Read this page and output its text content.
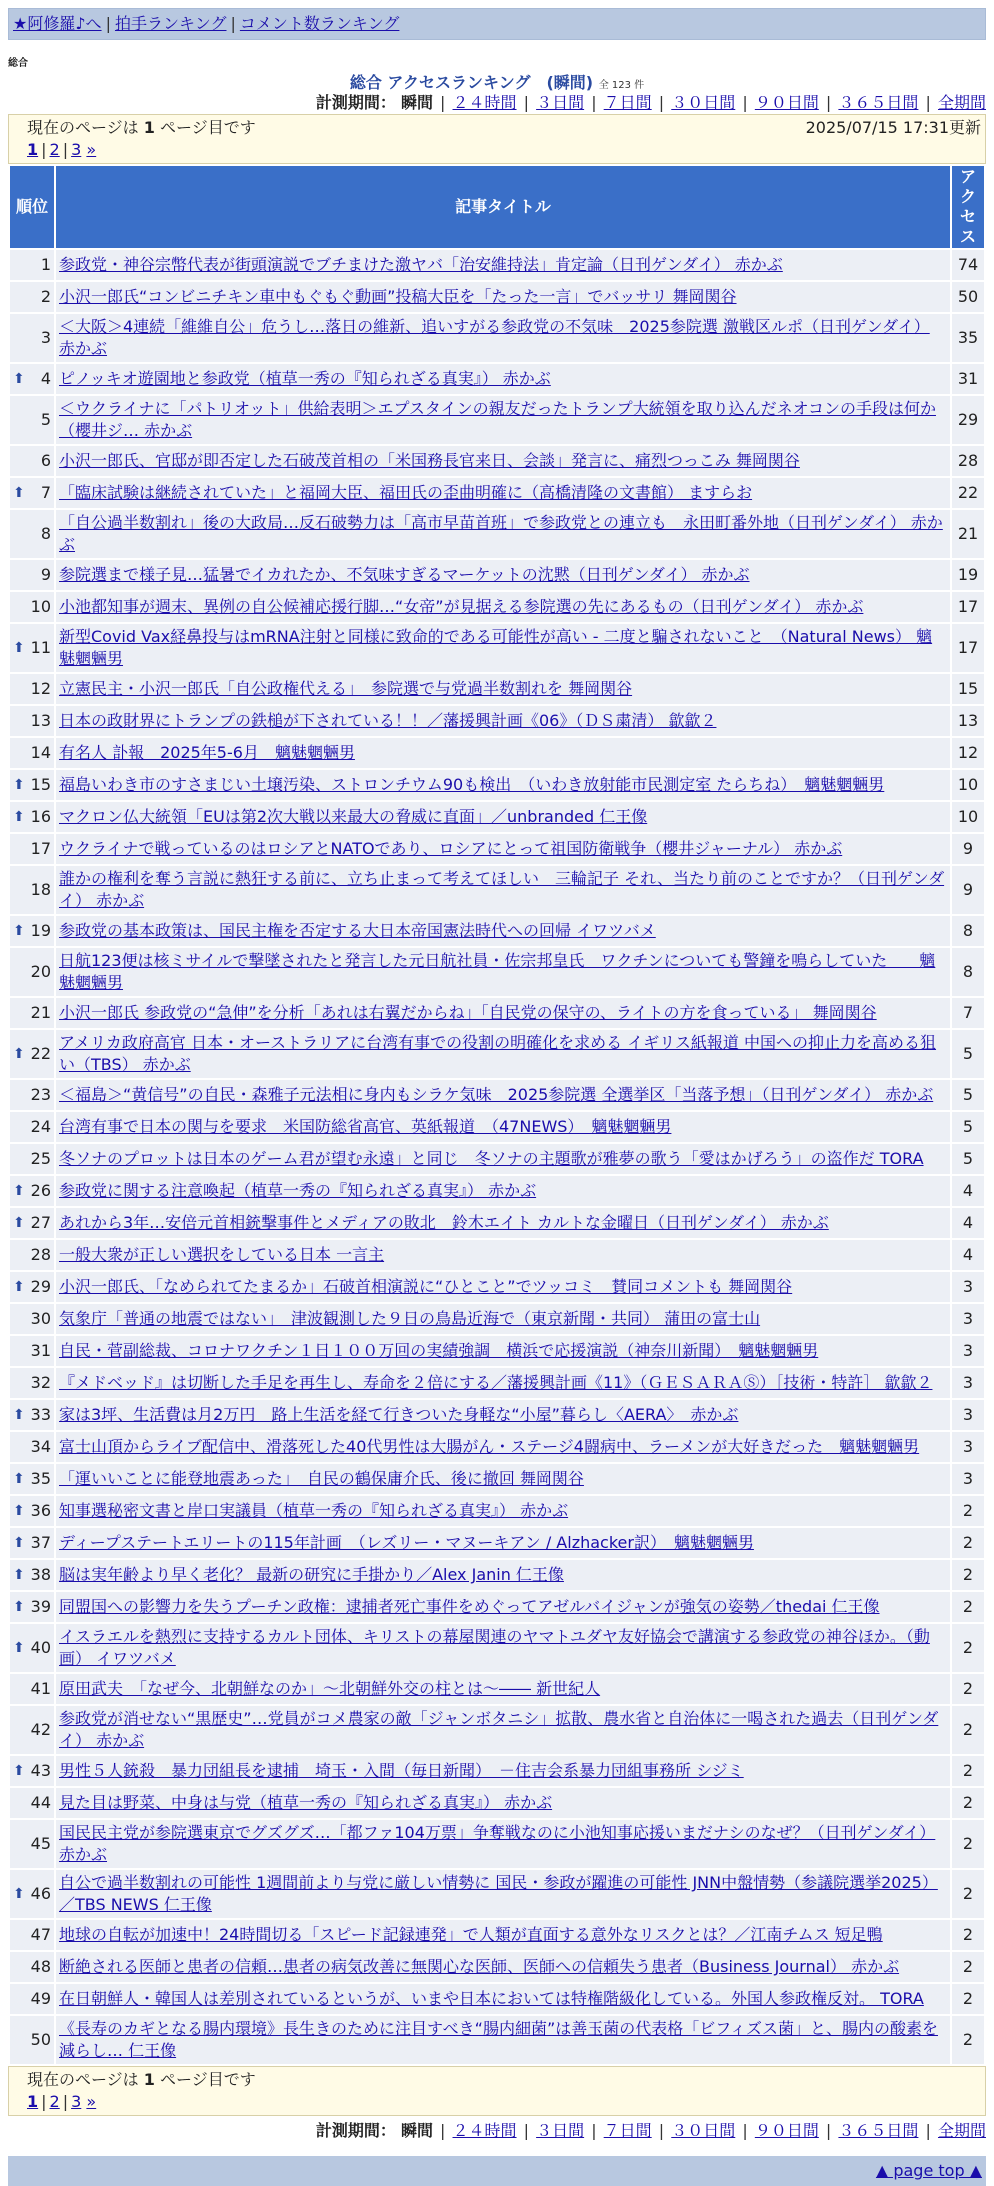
★阿修羅♪へ | 拍手ランキング | コメント数ランキング
総合
総合 アクセスランキング　(瞬間) 全 123 件
計測期間： 瞬間 | ２４時間 | ３日間 | ７日間 | ３０日間 | ９０日間 | ３６５日間 | 全期間
現在のページは 1 ページ目です
1 | 2 | 3 »
2025/07/15 17:31更新
順位	記事タイトル	アクセス
1	参政党・神谷宗幣代表が街頭演説でブチまけた激ヤバ「治安維持法」肯定論（日刊ゲンダイ） 赤かぶ	74
2	小沢一郎氏“コンビニチキン車中もぐもぐ動画”投稿大臣を「たった一言」でバッサリ 舞岡関谷	50
3	＜大阪＞4連続「維維自公」危うし…落日の維新、追いすがる参政党の不気味　2025参院選 激戦区ルポ（日刊ゲンダイ） 赤かぶ	35

⬆ 4	ピノッキオ遊園地と参政党（植草一秀の『知られざる真実』） 赤かぶ	31
5	＜ウクライナに「パトリオット」供給表明＞エプスタインの親友だったトランプ大統領を取り込んだネオコンの手段は何か（櫻井ジ… 赤かぶ	29
6	小沢一郎氏、官邸が即否定した石破茂首相の「米国務長官来日、会談」発言に、痛烈つっこみ 舞岡関谷	28

⬆ 7	「臨床試験は継続されていた」と福岡大臣、福田氏の歪曲明確に（高橋清隆の文書館） ますらお	22
8	「自公過半数割れ」後の大政局…反石破勢力は「高市早苗首班」で参政党との連立も　永田町番外地（日刊ゲンダイ） 赤かぶ	21
9	参院選まで様子見…猛暑でイカれたか、不気味すぎるマーケットの沈黙（日刊ゲンダイ） 赤かぶ	19
10	小池都知事が週末、異例の自公候補応援行脚…“女帝”が見据える参院選の先にあるもの（日刊ゲンダイ） 赤かぶ	17

⬆ 11	新型Covid Vax経鼻投与はmRNA注射と同様に致命的である可能性が高い - 二度と騙されないこと　（Natural News） 魑魅魍魎男	17
12	立憲民主・小沢一郎氏「自公政権代える」　参院選で与党過半数割れを 舞岡関谷	15
13	日本の政財界にトランプの鉄槌が下されている！！／藩援興計画《06》（ＤＳ粛清） 歙歙２	13
14	有名人 訃報　2025年5-6月　魑魅魍魎男	12

⬆ 15	福島いわき市のすさまじい土壌汚染、ストロンチウム90も検出　（いわき放射能市民測定室 たらちね）　魑魅魍魎男	10

⬆ 16	マクロン仏大統領「EUは第2次大戦以来最大の脅威に直面」／unbranded 仁王像	10
17	ウクライナで戦っているのはロシアとNATOであり、ロシアにとって祖国防衛戦争（櫻井ジャーナル） 赤かぶ	9
18	誰かの権利を奪う言説に熱狂する前に、立ち止まって考えてほしい　三輪記子 それ、当たり前のことですか？（日刊ゲンダイ） 赤かぶ	9

⬆ 19	参政党の基本政策は、国民主権を否定する大日本帝国憲法時代への回帰 イワツバメ	8
20	日航123便は核ミサイルで撃墜されたと発言した元日航社員・佐宗邦皇氏　ワクチンについても警鐘を鳴らしていた　　魑魅魍魎男	8
21	小沢一郎氏 参政党の“急伸”を分析「あれは右翼だからね」「自民党の保守の、ライトの方を食っている」 舞岡関谷	7

⬆ 22	アメリカ政府高官 日本・オーストラリアに台湾有事での役割の明確化を求める イギリス紙報道 中国への抑止力を高める狙い（TBS） 赤かぶ	5
23	＜福島＞“黄信号”の自民・森雅子元法相に身内もシラケ気味　2025参院選 全選挙区「当落予想」（日刊ゲンダイ） 赤かぶ	5
24	台湾有事で日本の関与を要求　米国防総省高官、英紙報道　（47NEWS）　魑魅魍魎男	5
25	冬ソナのプロットは日本のゲーム君が望む永遠」と同じ　冬ソナの主題歌が雅夢の歌う「愛はかげろう」の盗作だ TORA	5

⬆ 26	参政党に関する注意喚起（植草一秀の『知られざる真実』） 赤かぶ	4

⬆ 27	あれから3年…安倍元首相銃撃事件とメディアの敗北　鈴木エイト カルトな金曜日（日刊ゲンダイ） 赤かぶ	4
28	一般大衆が正しい選択をしている日本 一言主	4

⬆ 29	小沢一郎氏、「なめられてたまるか」石破首相演説に“ひとこと”でツッコミ　賛同コメントも 舞岡関谷	3
30	気象庁「普通の地震ではない」　津波観測した９日の鳥島近海で（東京新聞・共同） 蒲田の富士山	3
31	自民・菅副総裁、コロナワクチン１日１００万回の実績強調　横浜で応援演説（神奈川新聞）　魑魅魍魎男	3
32	『メドベッド』は切断した手足を再生し、寿命を２倍にする／藩援興計画《11》（ＧＥＳＡＲＡⓈ）［技術・特許］ 歙歙２	3

⬆ 33	家は3坪、生活費は月2万円　路上生活を経て行きついた身軽な“小屋”暮らし〈AERA〉　赤かぶ	3
34	富士山頂からライブ配信中、滑落死した40代男性は大腸がん・ステージ4闘病中、ラーメンが大好きだった　魑魅魍魎男	3

⬆ 35	「運いいことに能登地震あった」　自民の鶴保庸介氏、後に撤回 舞岡関谷	3

⬆ 36	知事選秘密文書と岸口実議員（植草一秀の『知られざる真実』） 赤かぶ	2

⬆ 37	ディープステートエリートの115年計画　（レズリー・マヌーキアン / Alzhacker訳）　魑魅魍魎男	2

⬆ 38	脳は実年齢より早く老化？ 最新の研究に手掛かり／Alex Janin 仁王像	2

⬆ 39	同盟国への影響力を失うプーチン政権：逮捕者死亡事件をめぐってアゼルバイジャンが強気の姿勢／thedai 仁王像	2

⬆ 40	イスラエルを熱烈に支持するカルト団体、キリストの幕屋関連のヤマトユダヤ友好協会で講演する参政党の神谷ほか。（動画） イワツバメ	2
41	原田武夫　「なぜ今、北朝鮮なのか」～北朝鮮外交の柱とは～―― 新世紀人	2
42	参政党が消せない“黒歴史”…党員がコメ農家の敵「ジャンボタニシ」拡散、農水省と自治体に一喝された過去（日刊ゲンダイ） 赤かぶ	2

⬆ 43	男性５人銃殺　暴力団組長を逮捕　埼玉・入間（毎日新聞）　－住吉会系暴力団組事務所 シジミ	2
44	見た目は野菜、中身は与党（植草一秀の『知られざる真実』） 赤かぶ	2
45	国民民主党が参院選東京でグズグズ…「都ファ104万票」争奪戦なのに小池知事応援いまだナシのなぜ？（日刊ゲンダイ） 赤かぶ	2

⬆ 46	自公で過半数割れの可能性 1週間前より与党に厳しい情勢に 国民・参政が躍進の可能性 JNN中盤情勢（参議院選挙2025）／TBS NEWS 仁王像	2
47	地球の自転が加速中！24時間切る「スピード記録連発」で人類が直面する意外なリスクとは？／江南チムス 短足鴨	2
48	断絶される医師と患者の信頼…患者の病気改善に無関心な医師、医師への信頼失う患者（Business Journal） 赤かぶ	2
49	在日朝鮮人・韓国人は差別されているというが、いまや日本においては特権階級化している。外国人参政権反対。 TORA	2
50	《長寿のカギとなる腸内環境》長生きのために注目すべき“腸内細菌”は善玉菌の代表格「ビフィズス菌」と、腸内の酸素を減らし… 仁王像	2
現在のページは 1 ページ目です
1 | 2 | 3 »
計測期間： 瞬間 | ２４時間 | ３日間 | ７日間 | ３０日間 | ９０日間 | ３６５日間 | 全期間
▲ page top ▲
